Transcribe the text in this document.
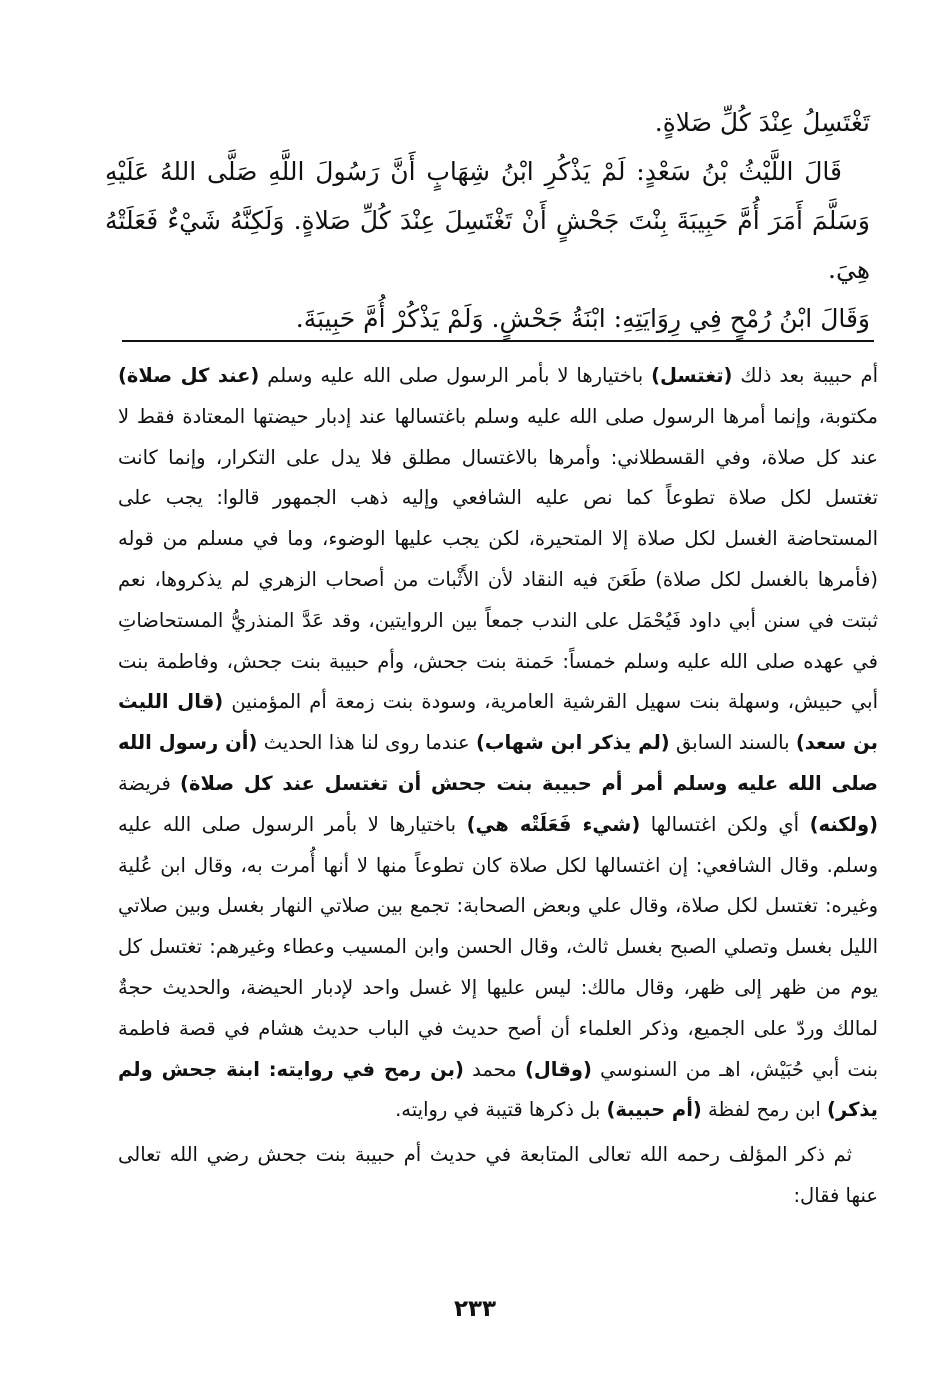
تَغْتَسِلُ عِنْدَ كُلِّ صَلاةٍ.

قَالَ اللَّيْثُ بْنُ سَعْدٍ: لَمْ يَذْكُرِ ابْنُ شِهَابٍ أَنَّ رَسُولَ اللَّهِ صَلَّى اللهُ عَلَيْهِ
وَسَلَّمَ أَمَرَ أُمَّ حَبِيبَةَ بِنْتَ جَحْشٍ أَنْ تَغْتَسِلَ عِنْدَ كُلِّ صَلاةٍ. وَلَكِنَّهُ شَيْءٌ فَعَلَتْهُ هِيَ.
وَقَالَ ابْنُ رُمْحٍ فِي رِوَايَتِهِ: ابْنَةُ جَحْشٍ. وَلَمْ يَذْكُرْ أُمَّ حَبِيبَةَ.

أم حبيبة بعد ذلك (تغتسل) باختيارها لا بأمر الرسول صلى الله عليه وسلم (عند كل صلاة) مكتوبة، وإنما أمرها الرسول صلى الله عليه وسلم باغتسالها عند إدبار حيضتها المعتادة فقط لا عند كل صلاة، وفي القسطلاني: وأمرها بالاغتسال مطلق فلا يدل على التكرار، وإنما كانت تغتسل لكل صلاة تطوعاً كما نص عليه الشافعي وإليه ذهب الجمهور قالوا: يجب على المستحاضة الغسل لكل صلاة إلا المتحيرة، لكن يجب عليها الوضوء، وما في مسلم من قوله (فأمرها بالغسل لكل صلاة) طَعَنَ فيه النقاد لأن الأَثْبات من أصحاب الزهري لم يذكروها، نعم ثبتت في سنن أبي داود فَيُحْمَل على الندب جمعاً بين الروايتين، وقد عَدَّ المنذريُّ المستحاضاتِ في عهده صلى الله عليه وسلم خمساً: حَمنة بنت جحش، وأم حبيبة بنت جحش، وفاطمة بنت أبي حبيش، وسهلة بنت سهيل القرشية العامرية، وسودة بنت زمعة أم المؤمنين (قال الليث بن سعد) بالسند السابق (لم يذكر ابن شهاب) عندما روى لنا هذا الحديث (أن رسول الله صلى الله عليه وسلم أمر أم حبيبة بنت جحش أن تغتسل عند كل صلاة) فريضة (ولكنه) أي ولكن اغتسالها (شيء فَعَلَتْه هي) باختيارها لا بأمر الرسول صلى الله عليه وسلم. وقال الشافعي: إن اغتسالها لكل صلاة كان تطوعاً منها لا أنها أُمرت به، وقال ابن عُلية وغيره: تغتسل لكل صلاة، وقال علي وبعض الصحابة: تجمع بين صلاتي النهار بغسل وبين صلاتي الليل بغسل وتصلي الصبح بغسل ثالث، وقال الحسن وابن المسيب وعطاء وغيرهم: تغتسل كل يوم من ظهر إلى ظهر، وقال مالك: ليس عليها إلا غسل واحد لإدبار الحيضة، والحديث حجةٌ لمالك وردّ على الجميع، وذكر العلماء أن أصح حديث في الباب حديث هشام في قصة فاطمة بنت أبي حُبَيْش، اهـ من السنوسي (وقال) محمد (بن رمح في روايته: ابنة جحش ولم يذكر) ابن رمح لفظة (أم حبيبة) بل ذكرها قتيبة في روايته.

ثم ذكر المؤلف رحمه الله تعالى المتابعة في حديث أم حبيبة بنت جحش رضي الله تعالى عنها فقال:

٢٣٣
